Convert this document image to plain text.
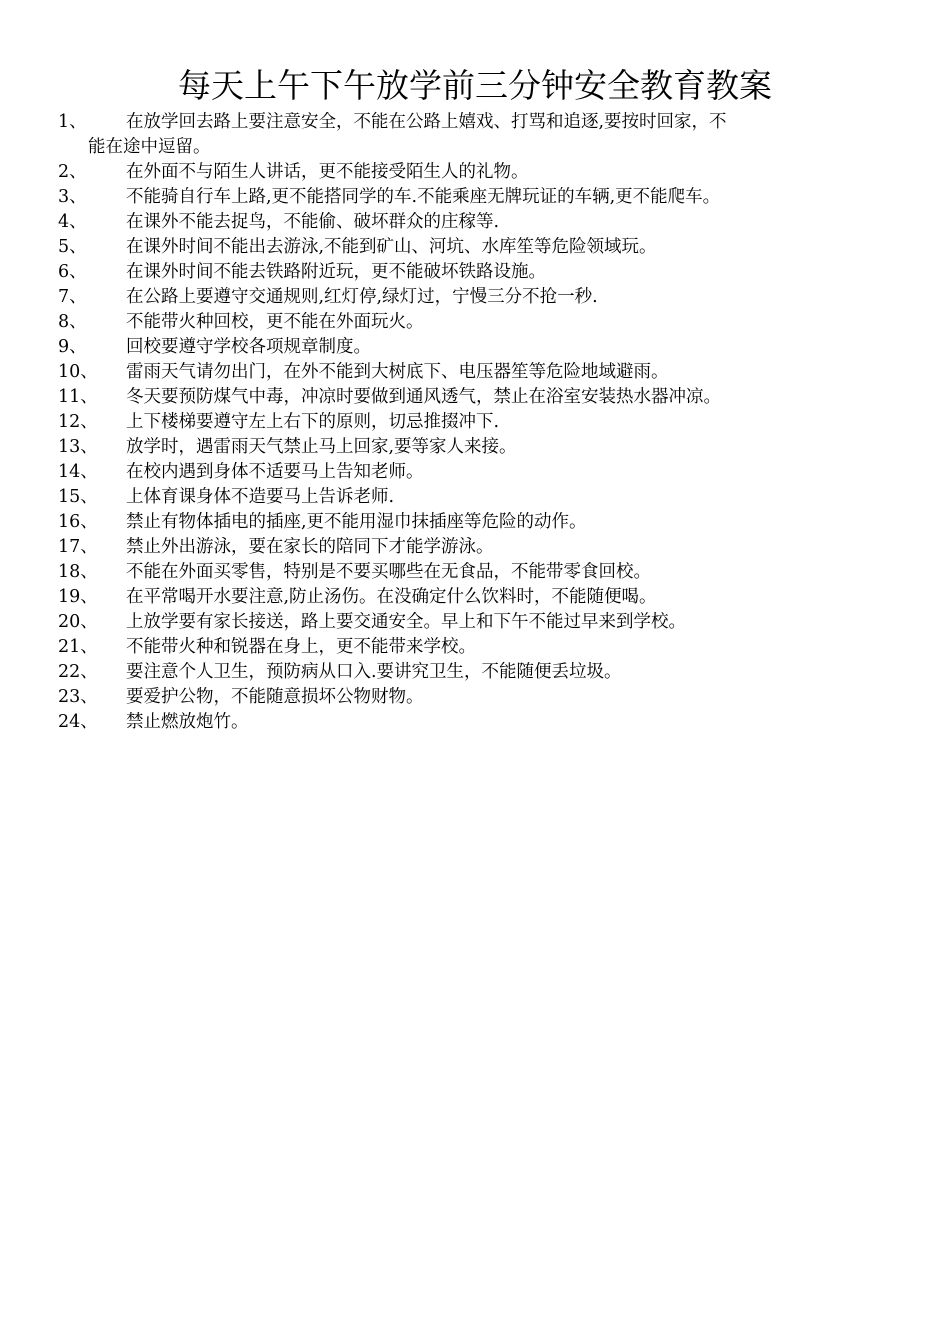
每天上午下午放学前三分钟安全教育教案
1、	在放学回去路上要注意安全，不能在公路上嬉戏、打骂和追逐,要按时回家，不
能在途中逗留。
2、	在外面不与陌生人讲话，更不能接受陌生人的礼物。
3、	不能骑自行车上路,更不能搭同学的车.不能乘座无牌玩证的车辆,更不能爬车。
4、	在课外不能去捉鸟，不能偷、破坏群众的庄稼等.
5、	在课外时间不能出去游泳,不能到矿山、河坑、水库笙等危险领域玩。
6、	在课外时间不能去铁路附近玩，更不能破坏铁路设施。
7、	在公路上要遵守交通规则,红灯停,绿灯过，宁慢三分不抢一秒.
8、	不能带火种回校，更不能在外面玩火。
9、	回校要遵守学校各项规章制度。
10、	雷雨天气请勿出门，在外不能到大树底下、电压器笙等危险地域避雨。
11、	冬天要预防煤气中毒，冲凉时要做到通风透气，禁止在浴室安装热水器冲凉。
12、	上下楼梯要遵守左上右下的原则，切忌推掇冲下.
13、	放学时，遇雷雨天气禁止马上回家,要等家人来接。
14、	在校内遇到身体不适要马上告知老师。
15、	上体育课身体不造要马上告诉老师.
16、	禁止有物体插电的插座,更不能用湿巾抹插座等危险的动作。
17、	禁止外出游泳，要在家长的陪同下才能学游泳。
18、	不能在外面买零售，特别是不要买哪些在无食品，不能带零食回校。
19、	在平常喝开水要注意,防止汤伤。在没确定什么饮料时，不能随便喝。
20、	上放学要有家长接送，路上要交通安全。早上和下午不能过早来到学校。
21、	不能带火种和锐器在身上，更不能带来学校。
22、	要注意个人卫生，预防病从口入.要讲究卫生，不能随便丢垃圾。
23、	要爱护公物，不能随意损坏公物财物。
24、	禁止燃放炮竹。
